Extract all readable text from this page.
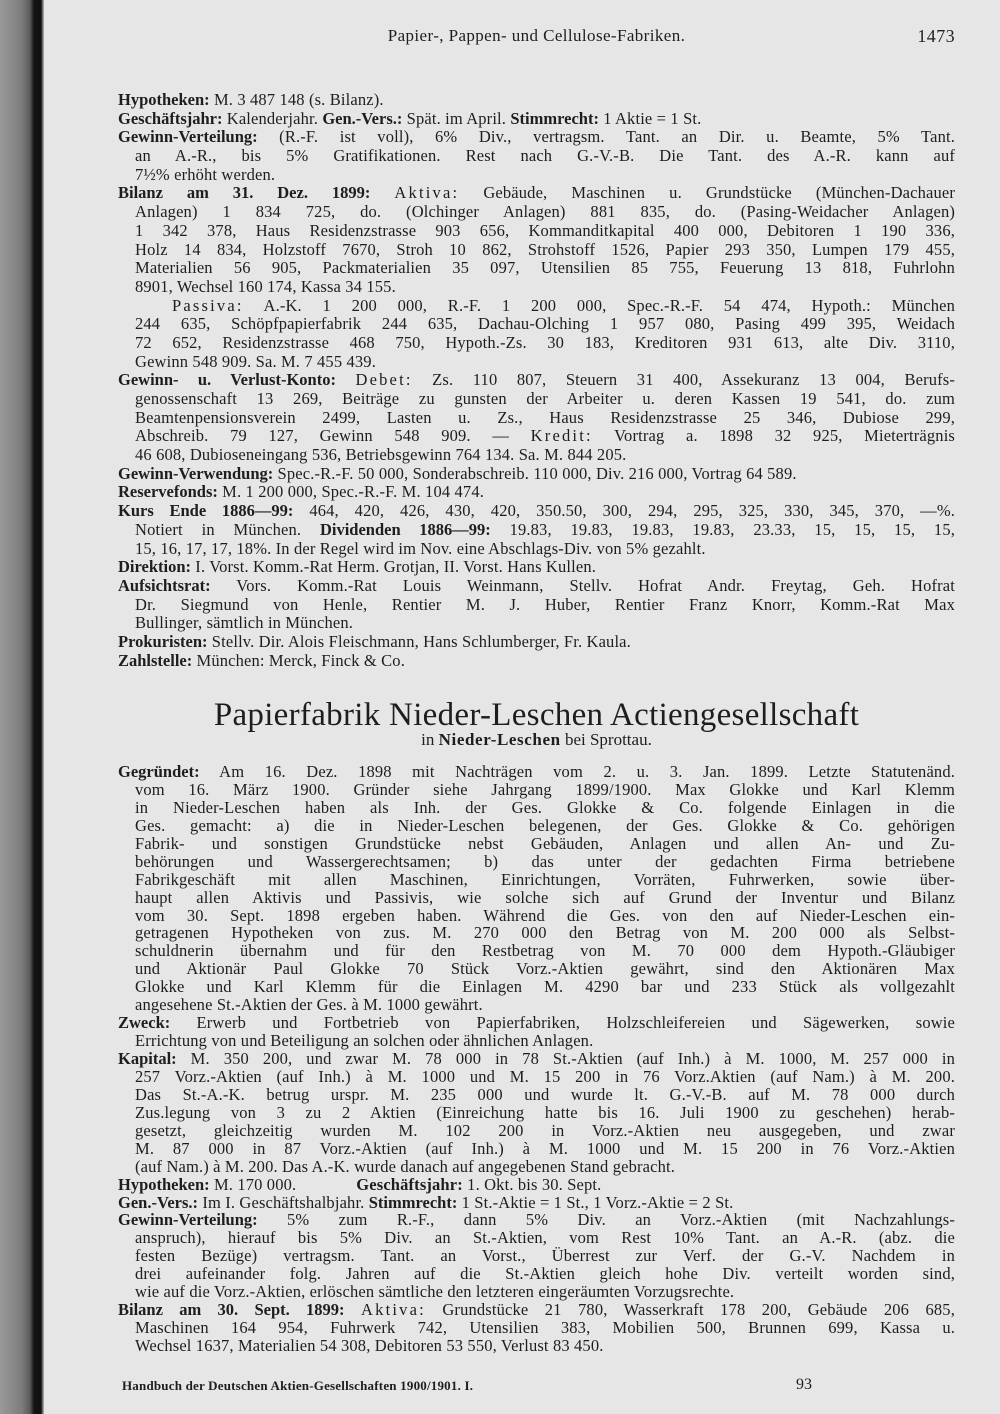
Papier-, Pappen- und Cellulose-Fabriken.	1473
Hypotheken: M. 3 487 148 (s. Bilanz).
Geschäftsjahr: Kalenderjahr. Gen.-Vers.: Spät. im April. Stimmrecht: 1 Aktie = 1 St.
Gewinn-Verteilung: (R.-F. ist voll), 6% Div., vertragsm. Tant. an Dir. u. Beamte, 5% Tant.
an A.-R., bis 5% Gratifikationen. Rest nach G.-V.-B. Die Tant. des A.-R. kann auf
7½% erhöht werden.
Bilanz am 31. Dez. 1899: Aktiva: Gebäude, Maschinen u. Grundstücke (München-Dachauer
Anlagen) 1 834 725, do. (Olchinger Anlagen) 881 835, do. (Pasing-Weidacher Anlagen)
1 342 378, Haus Residenzstrasse 903 656, Kommanditkapital 400 000, Debitoren 1 190 336,
Holz 14 834, Holzstoff 7670, Stroh 10 862, Strohstoff 1526, Papier 293 350, Lumpen 179 455,
Materialien 56 905, Packmaterialien 35 097, Utensilien 85 755, Feuerung 13 818, Fuhrlohn
8901, Wechsel 160 174, Kassa 34 155.
Passiva: A.-K. 1 200 000, R.-F. 1 200 000, Spec.-R.-F. 54 474, Hypoth.: München
244 635, Schöpfpapierfabrik 244 635, Dachau-Olching 1 957 080, Pasing 499 395, Weidach
72 652, Residenzstrasse 468 750, Hypoth.-Zs. 30 183, Kreditoren 931 613, alte Div. 3110,
Gewinn 548 909. Sa. M. 7 455 439.
Gewinn- u. Verlust-Konto: Debet: Zs. 110 807, Steuern 31 400, Assekuranz 13 004, Berufs-
genossenschaft 13 269, Beiträge zu gunsten der Arbeiter u. deren Kassen 19 541, do. zum
Beamtenpensionsverein 2499, Lasten u. Zs., Haus Residenzstrasse 25 346, Dubiose 299,
Abschreib. 79 127, Gewinn 548 909. — Kredit: Vortrag a. 1898 32 925, Mieterträgnis
46 608, Dubioseneingang 536, Betriebsgewinn 764 134. Sa. M. 844 205.
Gewinn-Verwendung: Spec.-R.-F. 50 000, Sonderabschreib. 110 000, Div. 216 000, Vortrag 64 589.
Reservefonds: M. 1 200 000, Spec.-R.-F. M. 104 474.
Kurs Ende 1886—99: 464, 420, 426, 430, 420, 350.50, 300, 294, 295, 325, 330, 345, 370, —%.
Notiert in München. Dividenden 1886—99: 19.83, 19.83, 19.83, 19.83, 23.33, 15, 15, 15, 15,
15, 16, 17, 17, 18%. In der Regel wird im Nov. eine Abschlags-Div. von 5% gezahlt.
Direktion: I. Vorst. Komm.-Rat Herm. Grotjan, II. Vorst. Hans Kullen.
Aufsichtsrat: Vors. Komm.-Rat Louis Weinmann, Stellv. Hofrat Andr. Freytag, Geh. Hofrat
Dr. Siegmund von Henle, Rentier M. J. Huber, Rentier Franz Knorr, Komm.-Rat Max
Bullinger, sämtlich in München.
Prokuristen: Stellv. Dir. Alois Fleischmann, Hans Schlumberger, Fr. Kaula.
Zahlstelle: München: Merck, Finck & Co.
Papierfabrik Nieder-Leschen Actiengesellschaft
in Nieder-Leschen bei Sprottau.
Gegründet: Am 16. Dez. 1898 mit Nachträgen vom 2. u. 3. Jan. 1899. Letzte Statutenänd.
vom 16. März 1900. Gründer siehe Jahrgang 1899/1900. Max Glokke und Karl Klemm
in Nieder-Leschen haben als Inh. der Ges. Glokke & Co. folgende Einlagen in die
Ges. gemacht: a) die in Nieder-Leschen belegenen, der Ges. Glokke & Co. gehörigen
Fabrik- und sonstigen Grundstücke nebst Gebäuden, Anlagen und allen An- und Zu-
behörungen und Wassergerechtsamen; b) das unter der gedachten Firma betriebene
Fabrikgeschäft mit allen Maschinen, Einrichtungen, Vorräten, Fuhrwerken, sowie über-
haupt allen Aktivis und Passivis, wie solche sich auf Grund der Inventur und Bilanz
vom 30. Sept. 1898 ergeben haben. Während die Ges. von den auf Nieder-Leschen ein-
getragenen Hypotheken von zus. M. 270 000 den Betrag von M. 200 000 als Selbst-
schuldnerin übernahm und für den Restbetrag von M. 70 000 dem Hypoth.-Gläubiger
und Aktionär Paul Glokke 70 Stück Vorz.-Aktien gewährt, sind den Aktionären Max
Glokke und Karl Klemm für die Einlagen M. 4290 bar und 233 Stück als vollgezahlt
angesehene St.-Aktien der Ges. à M. 1000 gewährt.
Zweck: Erwerb und Fortbetrieb von Papierfabriken, Holzschleifereien und Sägewerken, sowie
Errichtung von und Beteiligung an solchen oder ähnlichen Anlagen.
Kapital: M. 350 200, und zwar M. 78 000 in 78 St.-Aktien (auf Inh.) à M. 1000, M. 257 000 in
257 Vorz.-Aktien (auf Inh.) à M. 1000 und M. 15 200 in 76 Vorz.Aktien (auf Nam.) à M. 200.
Das St.-A.-K. betrug urspr. M. 235 000 und wurde lt. G.-V.-B. auf M. 78 000 durch
Zus.legung von 3 zu 2 Aktien (Einreichung hatte bis 16. Juli 1900 zu geschehen) herab-
gesetzt, gleichzeitig wurden M. 102 200 in Vorz.-Aktien neu ausgegeben, und zwar
M. 87 000 in 87 Vorz.-Aktien (auf Inh.) à M. 1000 und M. 15 200 in 76 Vorz.-Aktien
(auf Nam.) à M. 200. Das A.-K. wurde danach auf angegebenen Stand gebracht.
Hypotheken: M. 170 000.	Geschäftsjahr: 1. Okt. bis 30. Sept.
Gen.-Vers.: Im I. Geschäftshalbjahr. Stimmrecht: 1 St.-Aktie = 1 St., 1 Vorz.-Aktie = 2 St.
Gewinn-Verteilung: 5% zum R.-F., dann 5% Div. an Vorz.-Aktien (mit Nachzahlungs-
anspruch), hierauf bis 5% Div. an St.-Aktien, vom Rest 10% Tant. an A.-R. (abz. die
festen Bezüge) vertragsm. Tant. an Vorst., Überrest zur Verf. der G.-V. Nachdem in
drei aufeinander folg. Jahren auf die St.-Aktien gleich hohe Div. verteilt worden sind,
wie auf die Vorz.-Aktien, erlöschen sämtliche den letzteren eingeräumten Vorzugsrechte.
Bilanz am 30. Sept. 1899: Aktiva: Grundstücke 21 780, Wasserkraft 178 200, Gebäude 206 685,
Maschinen 164 954, Fuhrwerk 742, Utensilien 383, Mobilien 500, Brunnen 699, Kassa u.
Wechsel 1637, Materialien 54 308, Debitoren 53 550, Verlust 83 450.
Handbuch der Deutschen Aktien-Gesellschaften 1900/1901. I.	93
